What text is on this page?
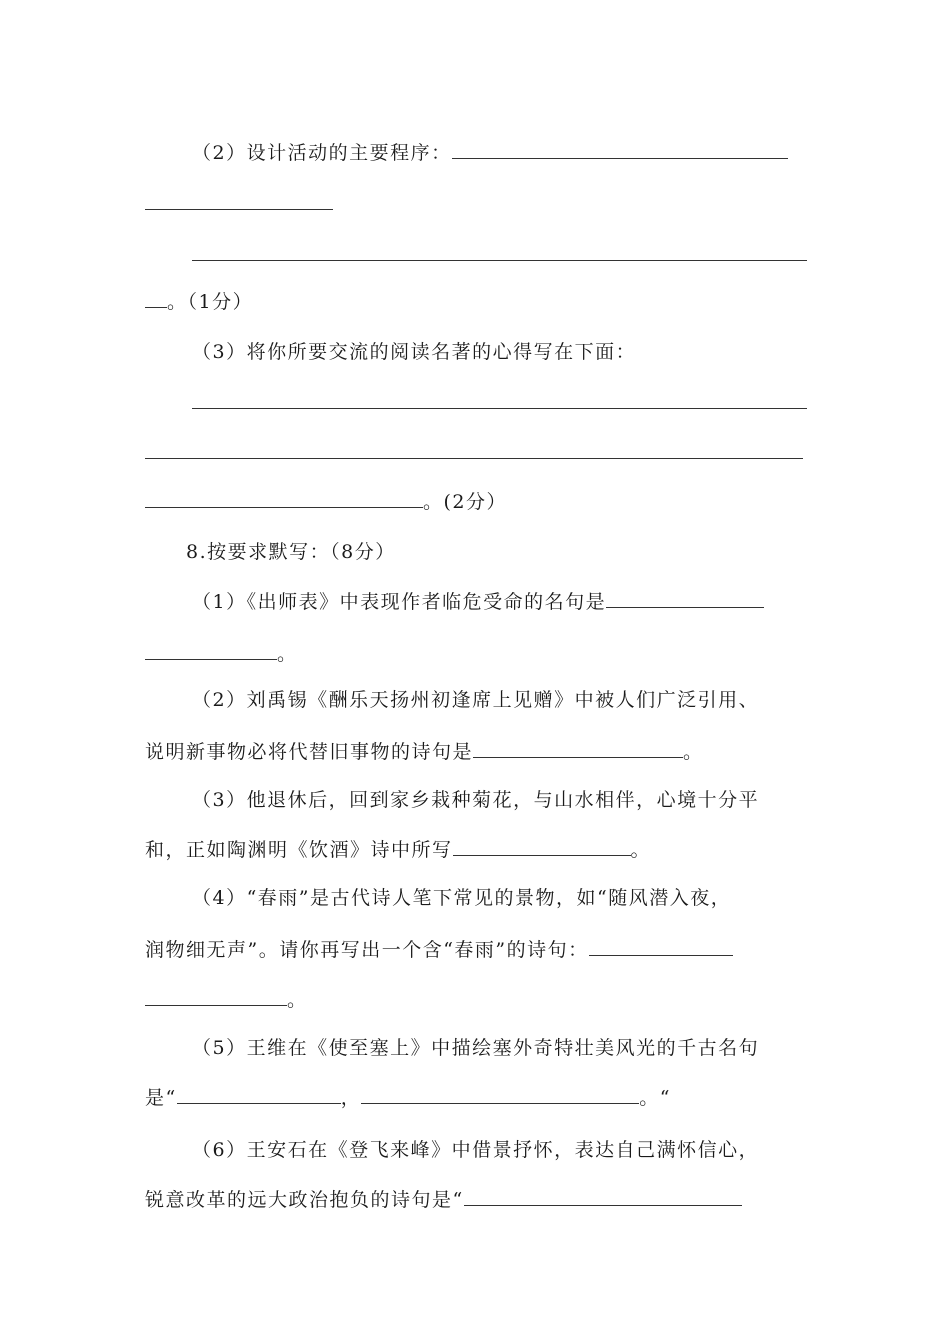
（2）设计活动的主要程序：
。（1分）
（3）将你所要交流的阅读名著的心得写在下面：
。(2分）
8.按要求默写：（8分）
（1）《出师表》中表现作者临危受命的名句是
。
（2）刘禹锡《酬乐天扬州初逢席上见赠》中被人们广泛引用、
说明新事物必将代替旧事物的诗句是	。
（3）他退休后，回到家乡栽种菊花，与山水相伴，心境十分平
和，正如陶渊明《饮酒》诗中所写	。
（4）“春雨”是古代诗人笔下常见的景物，如“随风潜入夜，
润物细无声”。请你再写出一个含“春雨”的诗句：
。
（5）王维在《使至塞上》中描绘塞外奇特壮美风光的千古名句
是“	，	。“
（6）王安石在《登飞来峰》中借景抒怀，表达自己满怀信心，
锐意改革的远大政治抱负的诗句是“
